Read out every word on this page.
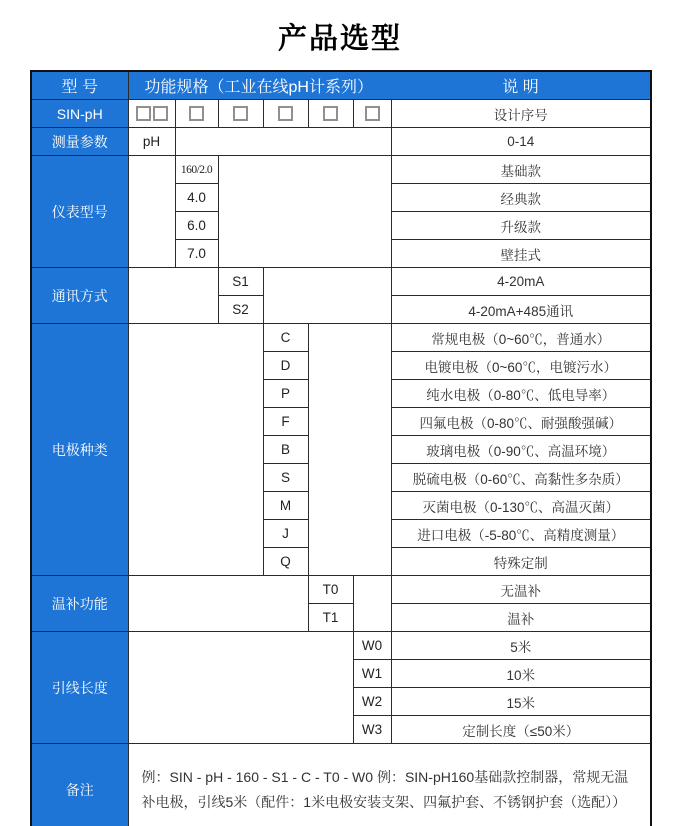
产品选型
型 号	功能规格（工业在线pH计系列）						说 明
SIN-pH							设计序号
测量参数	pH						0-14
仪表型号		160/2.0					基础款
		4.0					经典款
		6.0					升级款
		7.0					壁挂式
通讯方式			S1				4-20mA
			S2				4-20mA+485通讯
电极种类				C			常规电极（0~60℃，普通水）
				D			电镀电极（0~60℃，电镀污水）
				P			纯水电极（0-80℃、低电导率）
				F			四氟电极（0-80℃、耐强酸强碱）
				B			玻璃电极（0-90℃、高温环境）
				S			脱硫电极（0-60℃、高黏性多杂质）
				M			灭菌电极（0-130℃、高温灭菌）
				J			进口电极（-5-80℃、高精度测量）
				Q			特殊定制
温补功能					T0		无温补
					T1		温补
引线长度						W0	5米
						W1	10米
						W2	15米
						W3	定制长度（≤50米）
备注	例：SIN - pH - 160 - S1 - C - T0 - W0 例：SIN-pH160基础款控制器，常规无温补电极，引线5米（配件：1米电极安装支架、四氟护套、不锈钢护套（选配））						
